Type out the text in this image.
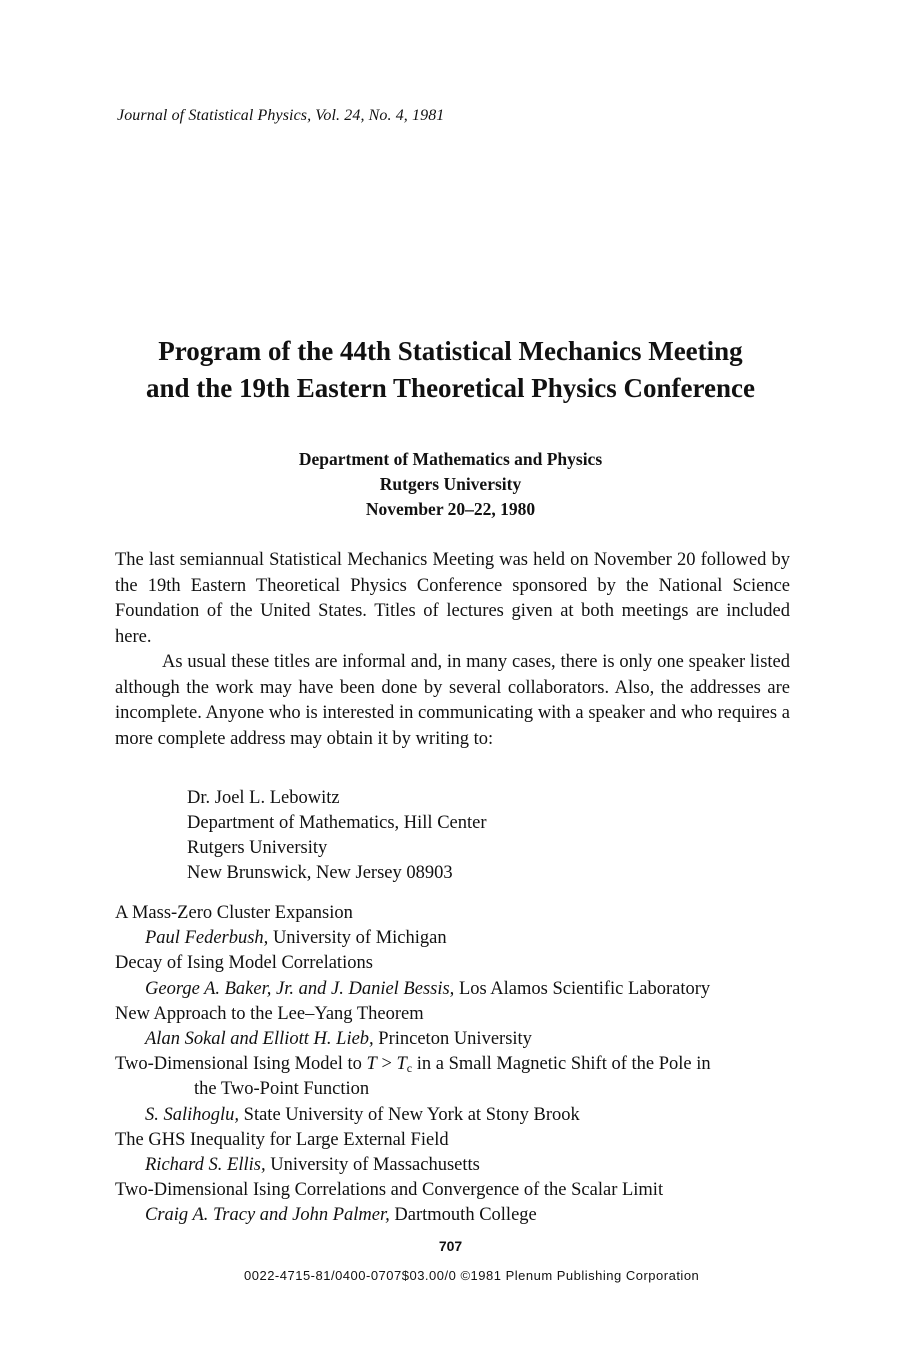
Journal of Statistical Physics, Vol. 24, No. 4, 1981
Program of the 44th Statistical Mechanics Meeting
and the 19th Eastern Theoretical Physics Conference
Department of Mathematics and Physics
Rutgers University
November 20–22, 1980
The last semiannual Statistical Mechanics Meeting was held on November 20 followed by the 19th Eastern Theoretical Physics Conference sponsored by the National Science Foundation of the United States. Titles of lectures given at both meetings are included here.
As usual these titles are informal and, in many cases, there is only one speaker listed although the work may have been done by several collaborators. Also, the addresses are incomplete. Anyone who is interested in communicating with a speaker and who requires a more complete address may obtain it by writing to:
Dr. Joel L. Lebowitz
Department of Mathematics, Hill Center
Rutgers University
New Brunswick, New Jersey 08903
A Mass-Zero Cluster Expansion
Paul Federbush, University of Michigan
Decay of Ising Model Correlations
George A. Baker, Jr. and J. Daniel Bessis, Los Alamos Scientific Laboratory
New Approach to the Lee–Yang Theorem
Alan Sokal and Elliott H. Lieb, Princeton University
Two-Dimensional Ising Model to $T > T_c$ in a Small Magnetic Shift of the Pole in
the Two-Point Function
S. Salihoglu, State University of New York at Stony Brook
The GHS Inequality for Large External Field
Richard S. Ellis, University of Massachusetts
Two-Dimensional Ising Correlations and Convergence of the Scalar Limit
Craig A. Tracy and John Palmer, Dartmouth College
707
0022-4715-81/0400-0707$03.00/0 ©1981 Plenum Publishing Corporation
